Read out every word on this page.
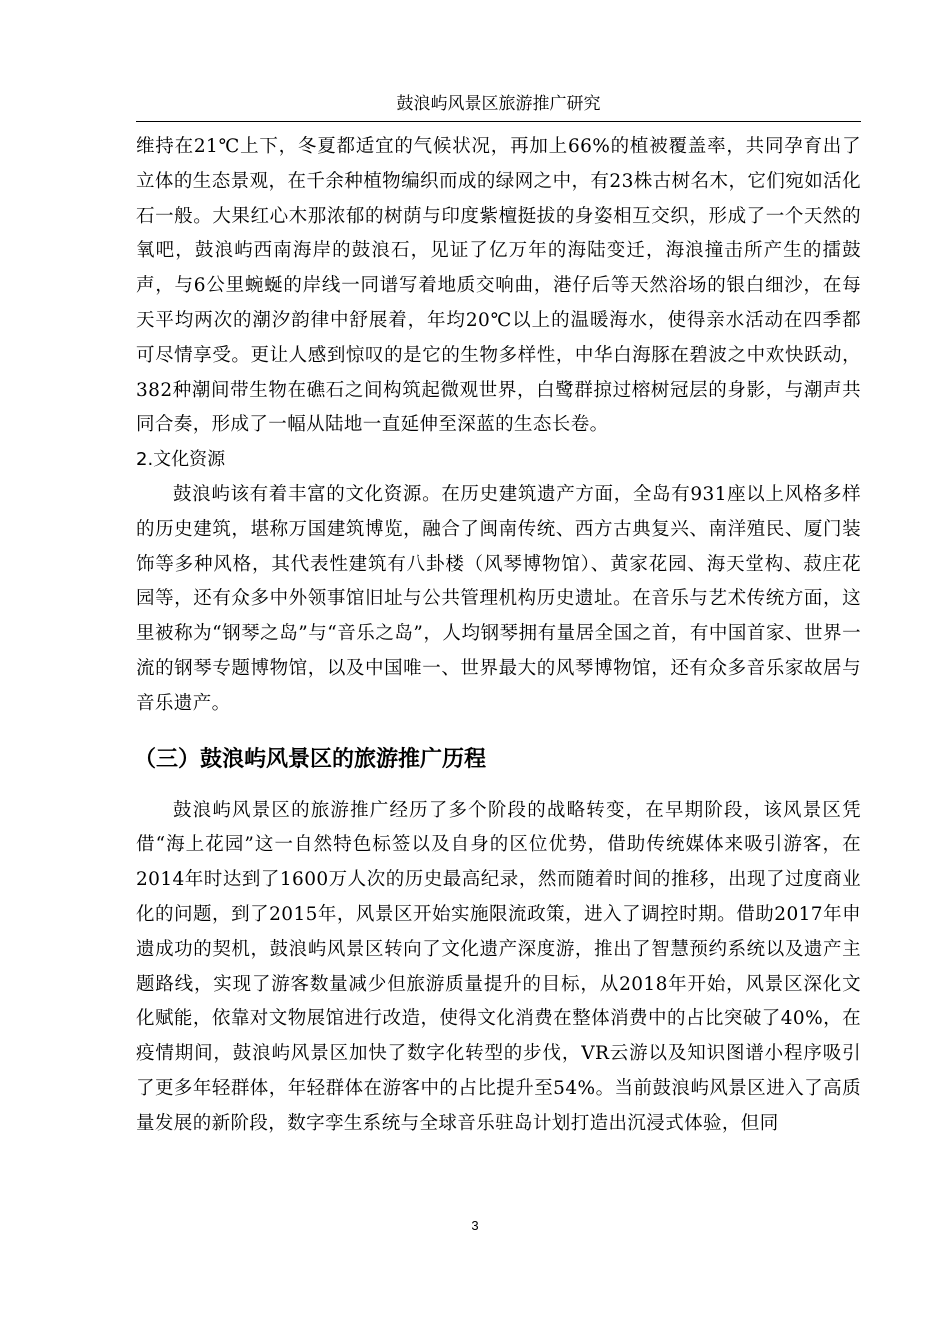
鼓浪屿风景区旅游推广研究

维持在21℃上下，冬夏都适宜的气候状况，再加上66%的植被覆盖率，共同孕育出了立体的生态景观，在千余种植物编织而成的绿网之中，有23株古树名木，它们宛如活化石一般。大果红心木那浓郁的树荫与印度紫檀挺拔的身姿相互交织，形成了一个天然的氧吧，鼓浪屿西南海岸的鼓浪石，见证了亿万年的海陆变迁，海浪撞击所产生的擂鼓声，与6公里蜿蜒的岸线一同谱写着地质交响曲，港仔后等天然浴场的银白细沙，在每天平均两次的潮汐韵律中舒展着，年均20℃以上的温暖海水，使得亲水活动在四季都可尽情享受。更让人感到惊叹的是它的生物多样性，中华白海豚在碧波之中欢快跃动，382种潮间带生物在礁石之间构筑起微观世界，白鹭群掠过榕树冠层的身影，与潮声共同合奏，形成了一幅从陆地一直延伸至深蓝的生态长卷。

2.文化资源

鼓浪屿该有着丰富的文化资源。在历史建筑遗产方面，全岛有931座以上风格多样的历史建筑，堪称万国建筑博览，融合了闽南传统、西方古典复兴、南洋殖民、厦门装饰等多种风格，其代表性建筑有八卦楼（风琴博物馆）、黄家花园、海天堂构、菽庄花园等，还有众多中外领事馆旧址与公共管理机构历史遗址。在音乐与艺术传统方面，这里被称为“钢琴之岛”与“音乐之岛”，人均钢琴拥有量居全国之首，有中国首家、世界一流的钢琴专题博物馆，以及中国唯一、世界最大的风琴博物馆，还有众多音乐家故居与音乐遗产。

（三）鼓浪屿风景区的旅游推广历程

鼓浪屿风景区的旅游推广经历了多个阶段的战略转变，在早期阶段，该风景区凭借“海上花园”这一自然特色标签以及自身的区位优势，借助传统媒体来吸引游客，在2014年时达到了1600万人次的历史最高纪录，然而随着时间的推移，出现了过度商业化的问题，到了2015年，风景区开始实施限流政策，进入了调控时期。借助2017年申遗成功的契机，鼓浪屿风景区转向了文化遗产深度游，推出了智慧预约系统以及遗产主题路线，实现了游客数量减少但旅游质量提升的目标，从2018年开始，风景区深化文化赋能，依靠对文物展馆进行改造，使得文化消费在整体消费中的占比突破了40%，在疫情期间，鼓浪屿风景区加快了数字化转型的步伐，VR云游以及知识图谱小程序吸引了更多年轻群体，年轻群体在游客中的占比提升至54%。当前鼓浪屿风景区进入了高质量发展的新阶段，数字孪生系统与全球音乐驻岛计划打造出沉浸式体验，但同

3
